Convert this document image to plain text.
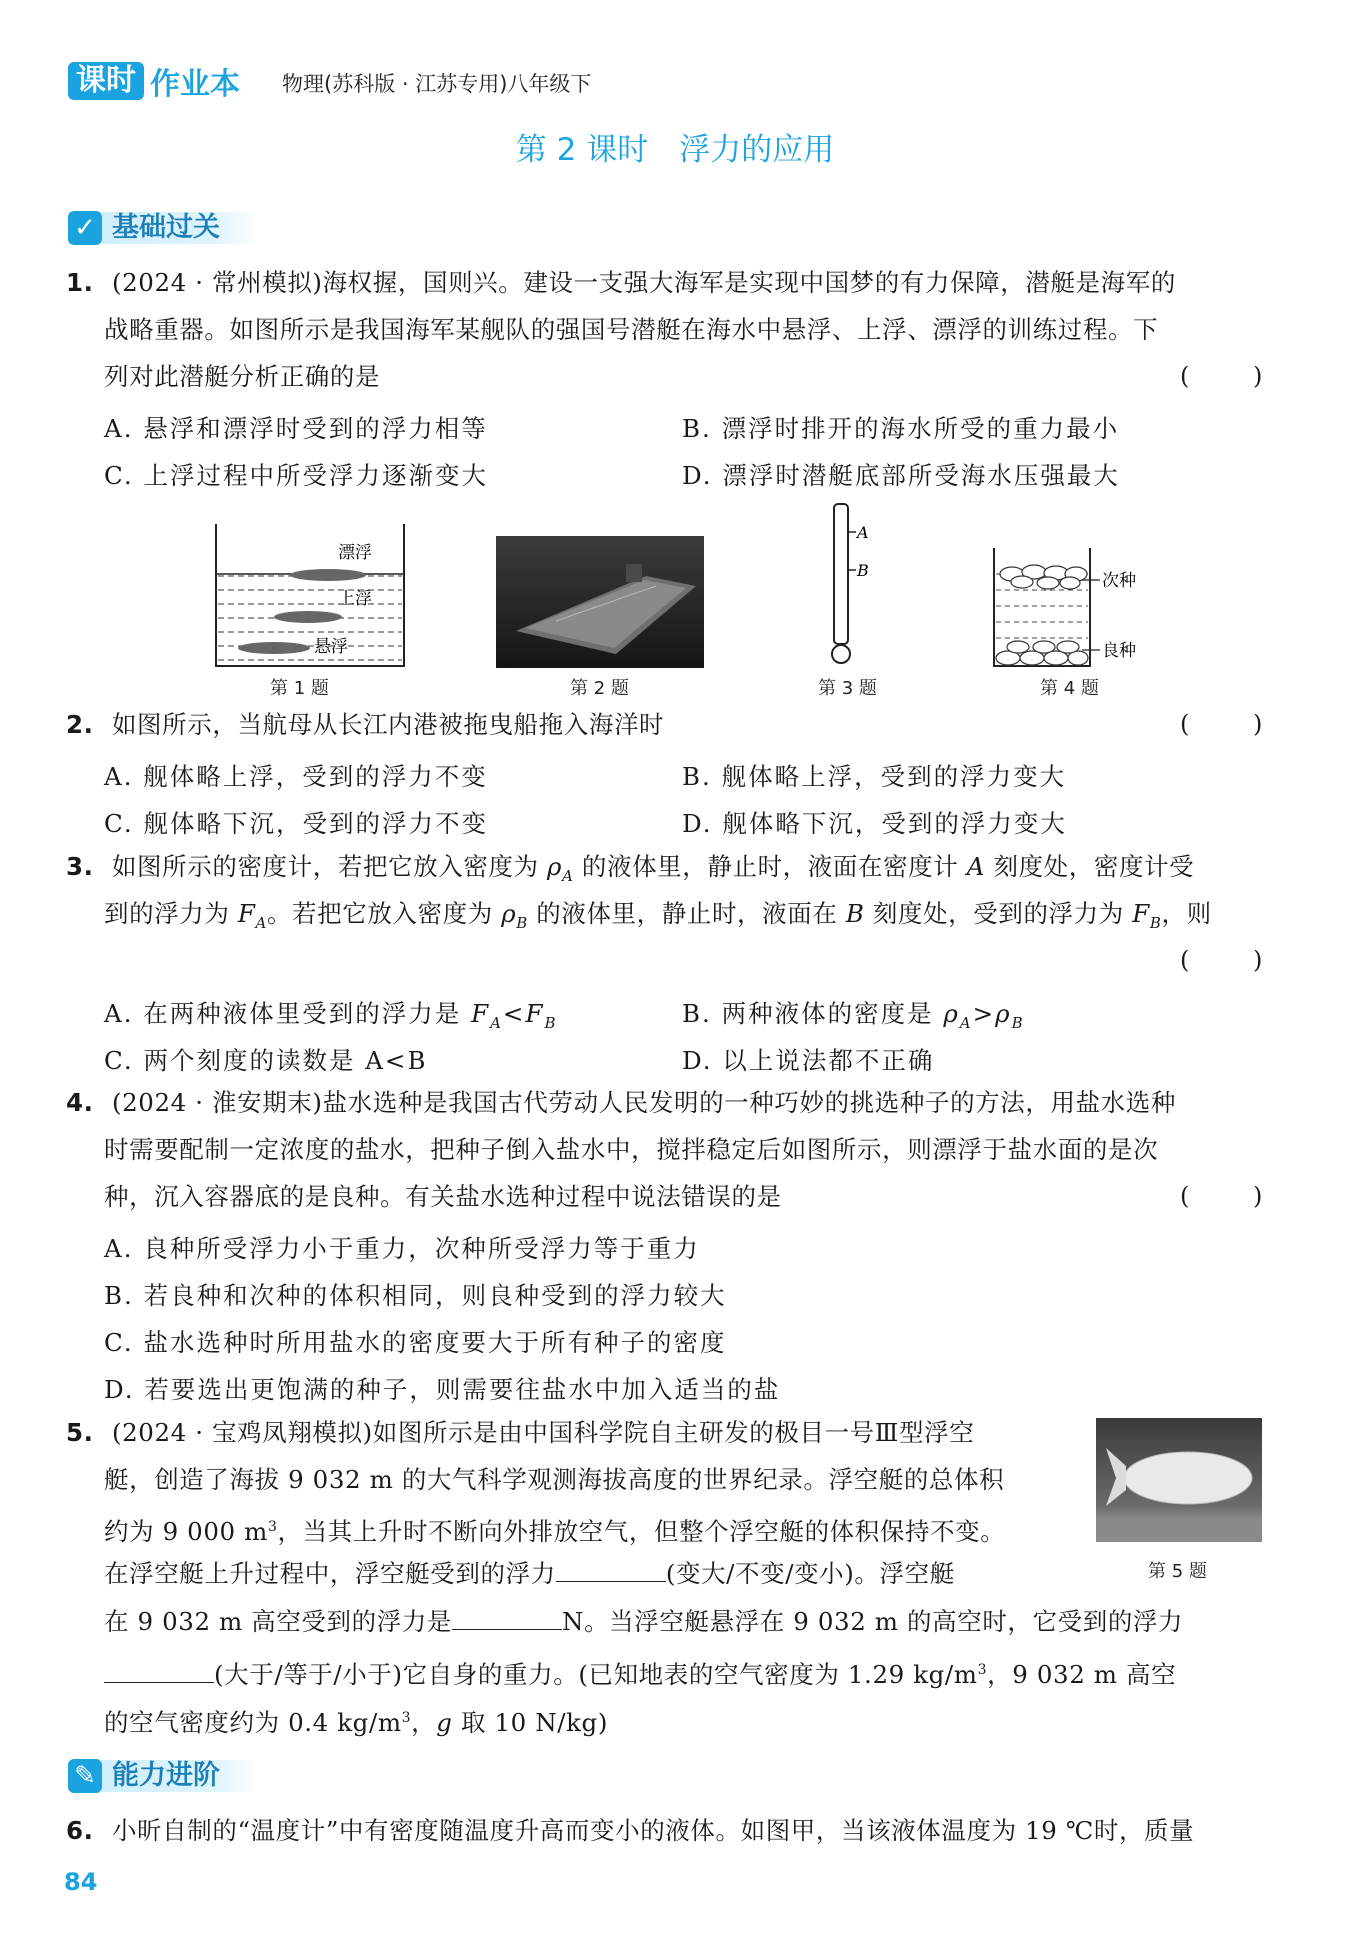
课时 作业本 物理(苏科版 · 江苏专用)八年级下
第 2 课时　浮力的应用
✓ 基础过关
1. (2024 · 常州模拟)海权握，国则兴。建设一支强大海军是实现中国梦的有力保障，潜艇是海军的
战略重器。如图所示是我国海军某舰队的强国号潜艇在海水中悬浮、上浮、漂浮的训练过程。下
列对此潜艇分析正确的是	( )
A. 悬浮和漂浮时受到的浮力相等	B. 漂浮时排开的海水所受的重力最小
C. 上浮过程中所受浮力逐渐变大	D. 漂浮时潜艇底部所受海水压强最大
漂浮
上浮
悬浮
第 1 题	第 2 题
A
B
第 3 题
次种
良种
第 4 题
2. 如图所示，当航母从长江内港被拖曳船拖入海洋时	( )
A. 舰体略上浮，受到的浮力不变	B. 舰体略上浮，受到的浮力变大
C. 舰体略下沉，受到的浮力不变	D. 舰体略下沉，受到的浮力变大
3. 如图所示的密度计，若把它放入密度为 $\rho_A$ 的液体里，静止时，液面在密度计 A 刻度处，密度计受
到的浮力为 $F_A$。若把它放入密度为 $\rho_B$ 的液体里，静止时，液面在 B 刻度处，受到的浮力为 $F_B$，则
( )
A. 在两种液体里受到的浮力是 $F_A<F_B$	B. 两种液体的密度是 $\rho_A>\rho_B$
C. 两个刻度的读数是 A<B	D. 以上说法都不正确
4. (2024 · 淮安期末)盐水选种是我国古代劳动人民发明的一种巧妙的挑选种子的方法，用盐水选种
时需要配制一定浓度的盐水，把种子倒入盐水中，搅拌稳定后如图所示，则漂浮于盐水面的是次
种，沉入容器底的是良种。有关盐水选种过程中说法错误的是	( )
A. 良种所受浮力小于重力，次种所受浮力等于重力
B. 若良种和次种的体积相同，则良种受到的浮力较大
C. 盐水选种时所用盐水的密度要大于所有种子的密度
D. 若要选出更饱满的种子，则需要往盐水中加入适当的盐
5. (2024 · 宝鸡凤翔模拟)如图所示是由中国科学院自主研发的极目一号Ⅲ型浮空
艇，创造了海拔 9 032 m 的大气科学观测海拔高度的世界纪录。浮空艇的总体积
约为 9 000 $m^3$，当其上升时不断向外排放空气，但整个浮空艇的体积保持不变。
在浮空艇上升过程中，浮空艇受到的浮力	(变大/不变/变小)。浮空艇
在 9 032 m 高空受到的浮力是	N。当浮空艇悬浮在 9 032 m 的高空时，它受到的浮力
(大于/等于/小于)它自身的重力。(已知地表的空气密度为 1.29 $kg/m^3$，9 032 m 高空
的空气密度约为 0.4 $kg/m^3$，g 取 10 N/kg)
第 5 题
✎ 能力进阶
6. 小昕自制的“温度计”中有密度随温度升高而变小的液体。如图甲，当该液体温度为 19 ℃时，质量
84
